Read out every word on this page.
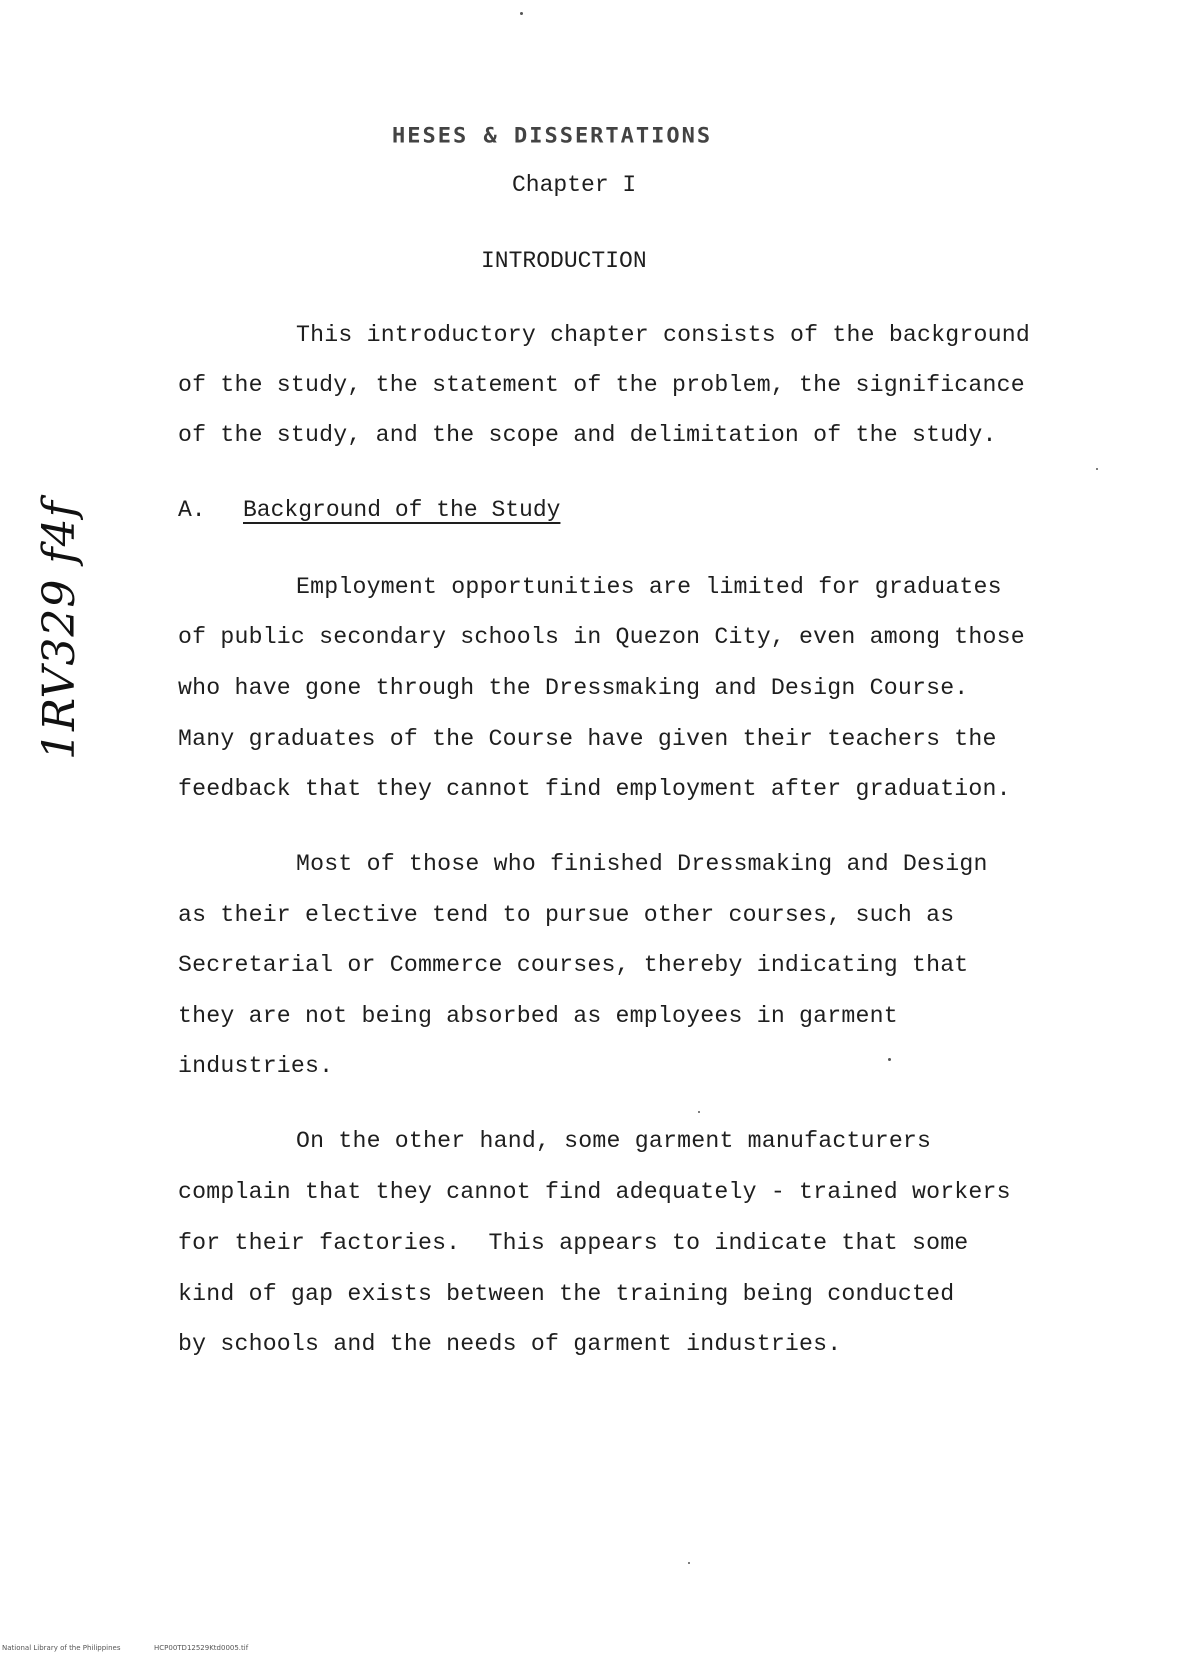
HESES & DISSERTATIONS
Chapter I
INTRODUCTION
This introductory chapter consists of the background
of the study, the statement of the problem, the significance
of the study, and the scope and delimitation of the study.
A. Background of the Study
Employment opportunities are limited for graduates
of public secondary schools in Quezon City, even among those
who have gone through the Dressmaking and Design Course.
Many graduates of the Course have given their teachers the
feedback that they cannot find employment after graduation.
Most of those who finished Dressmaking and Design
as their elective tend to pursue other courses, such as
Secretarial or Commerce courses, thereby indicating that
they are not being absorbed as employees in garment
industries.
On the other hand, some garment manufacturers
complain that they cannot find adequately - trained workers
for their factories.  This appears to indicate that some
kind of gap exists between the training being conducted
by schools and the needs of garment industries.
1RV329 f4f
National Library of the Philippines	HCP00TD12529Ktd0005.tif
